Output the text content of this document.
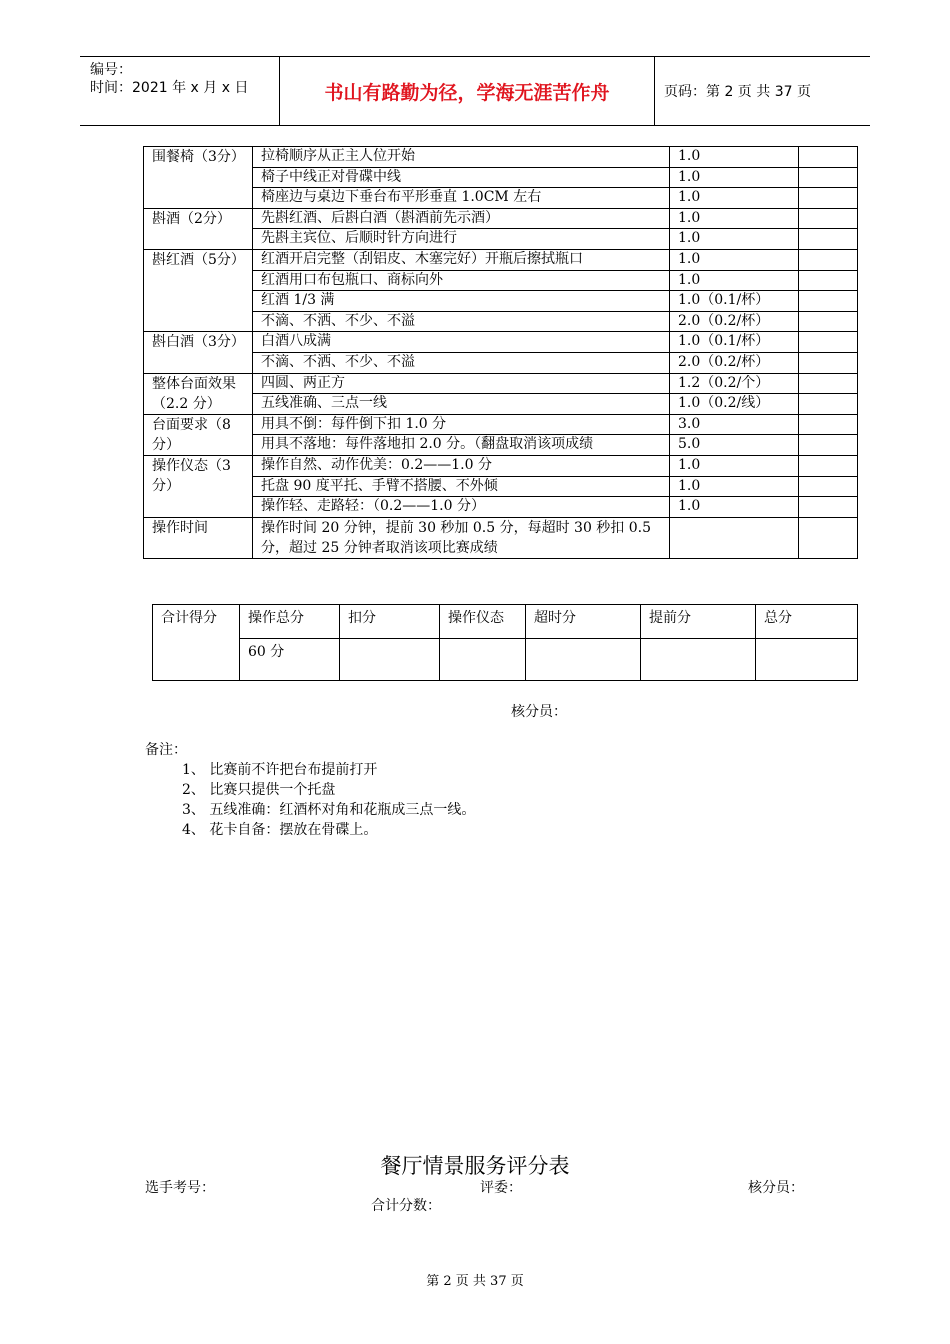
编号：
时间：2021 年 x 月 x 日	书山有路勤为径，学海无涯苦作舟	页码：第 2 页 共 37 页
围餐椅（3分）	拉椅顺序从正主人位开始	1.0	
	椅子中线正对骨碟中线	1.0	
	椅座边与桌边下垂台布平形垂直 1.0CM 左右	1.0	
斟酒（2分）	先斟红酒、后斟白酒（斟酒前先示酒）	1.0	
	先斟主宾位、后顺时针方向进行	1.0	
斟红酒（5分）	红酒开启完整（刮铝皮、木塞完好）开瓶后擦拭瓶口	1.0	
	红酒用口布包瓶口、商标向外	1.0	
	红酒 1/3 满	1.0（0.1/杯）	
	不滴、不洒、不少、不溢	2.0（0.2/杯）	
斟白酒（3分）	白酒八成满	1.0（0.1/杯）	
	不滴、不洒、不少、不溢	2.0（0.2/杯）	
整体台面效果（2.2 分）	四圆、两正方	1.2（0.2/个）	
	五线准确、三点一线	1.0（0.2/线）	
台面要求（8 分）	用具不倒：每件倒下扣 1.0 分	3.0	
	用具不落地：每件落地扣 2.0 分。（翻盘取消该项成绩	5.0	
操作仪态（3 分）	操作自然、动作优美：0.2——1.0 分	1.0	
	托盘 90 度平托、手臂不搭腰、不外倾	1.0	
	操作轻、走路轻：（0.2——1.0 分）	1.0	
操作时间	操作时间 20 分钟，提前 30 秒加 0.5 分，每超时 30 秒扣 0.5 分，超过 25 分钟者取消该项比赛成绩		
合计得分	操作总分	扣分	操作仪态	超时分	提前分	总分
	60 分					
核分员：
备注：
1、 比赛前不许把台布提前打开
2、 比赛只提供一个托盘
3、 五线准确：红酒杯对角和花瓶成三点一线。
4、 花卡自备：摆放在骨碟上。
餐厅情景服务评分表
选手考号：	评委：	核分员：
合计分数：
第 2 页 共 37 页
